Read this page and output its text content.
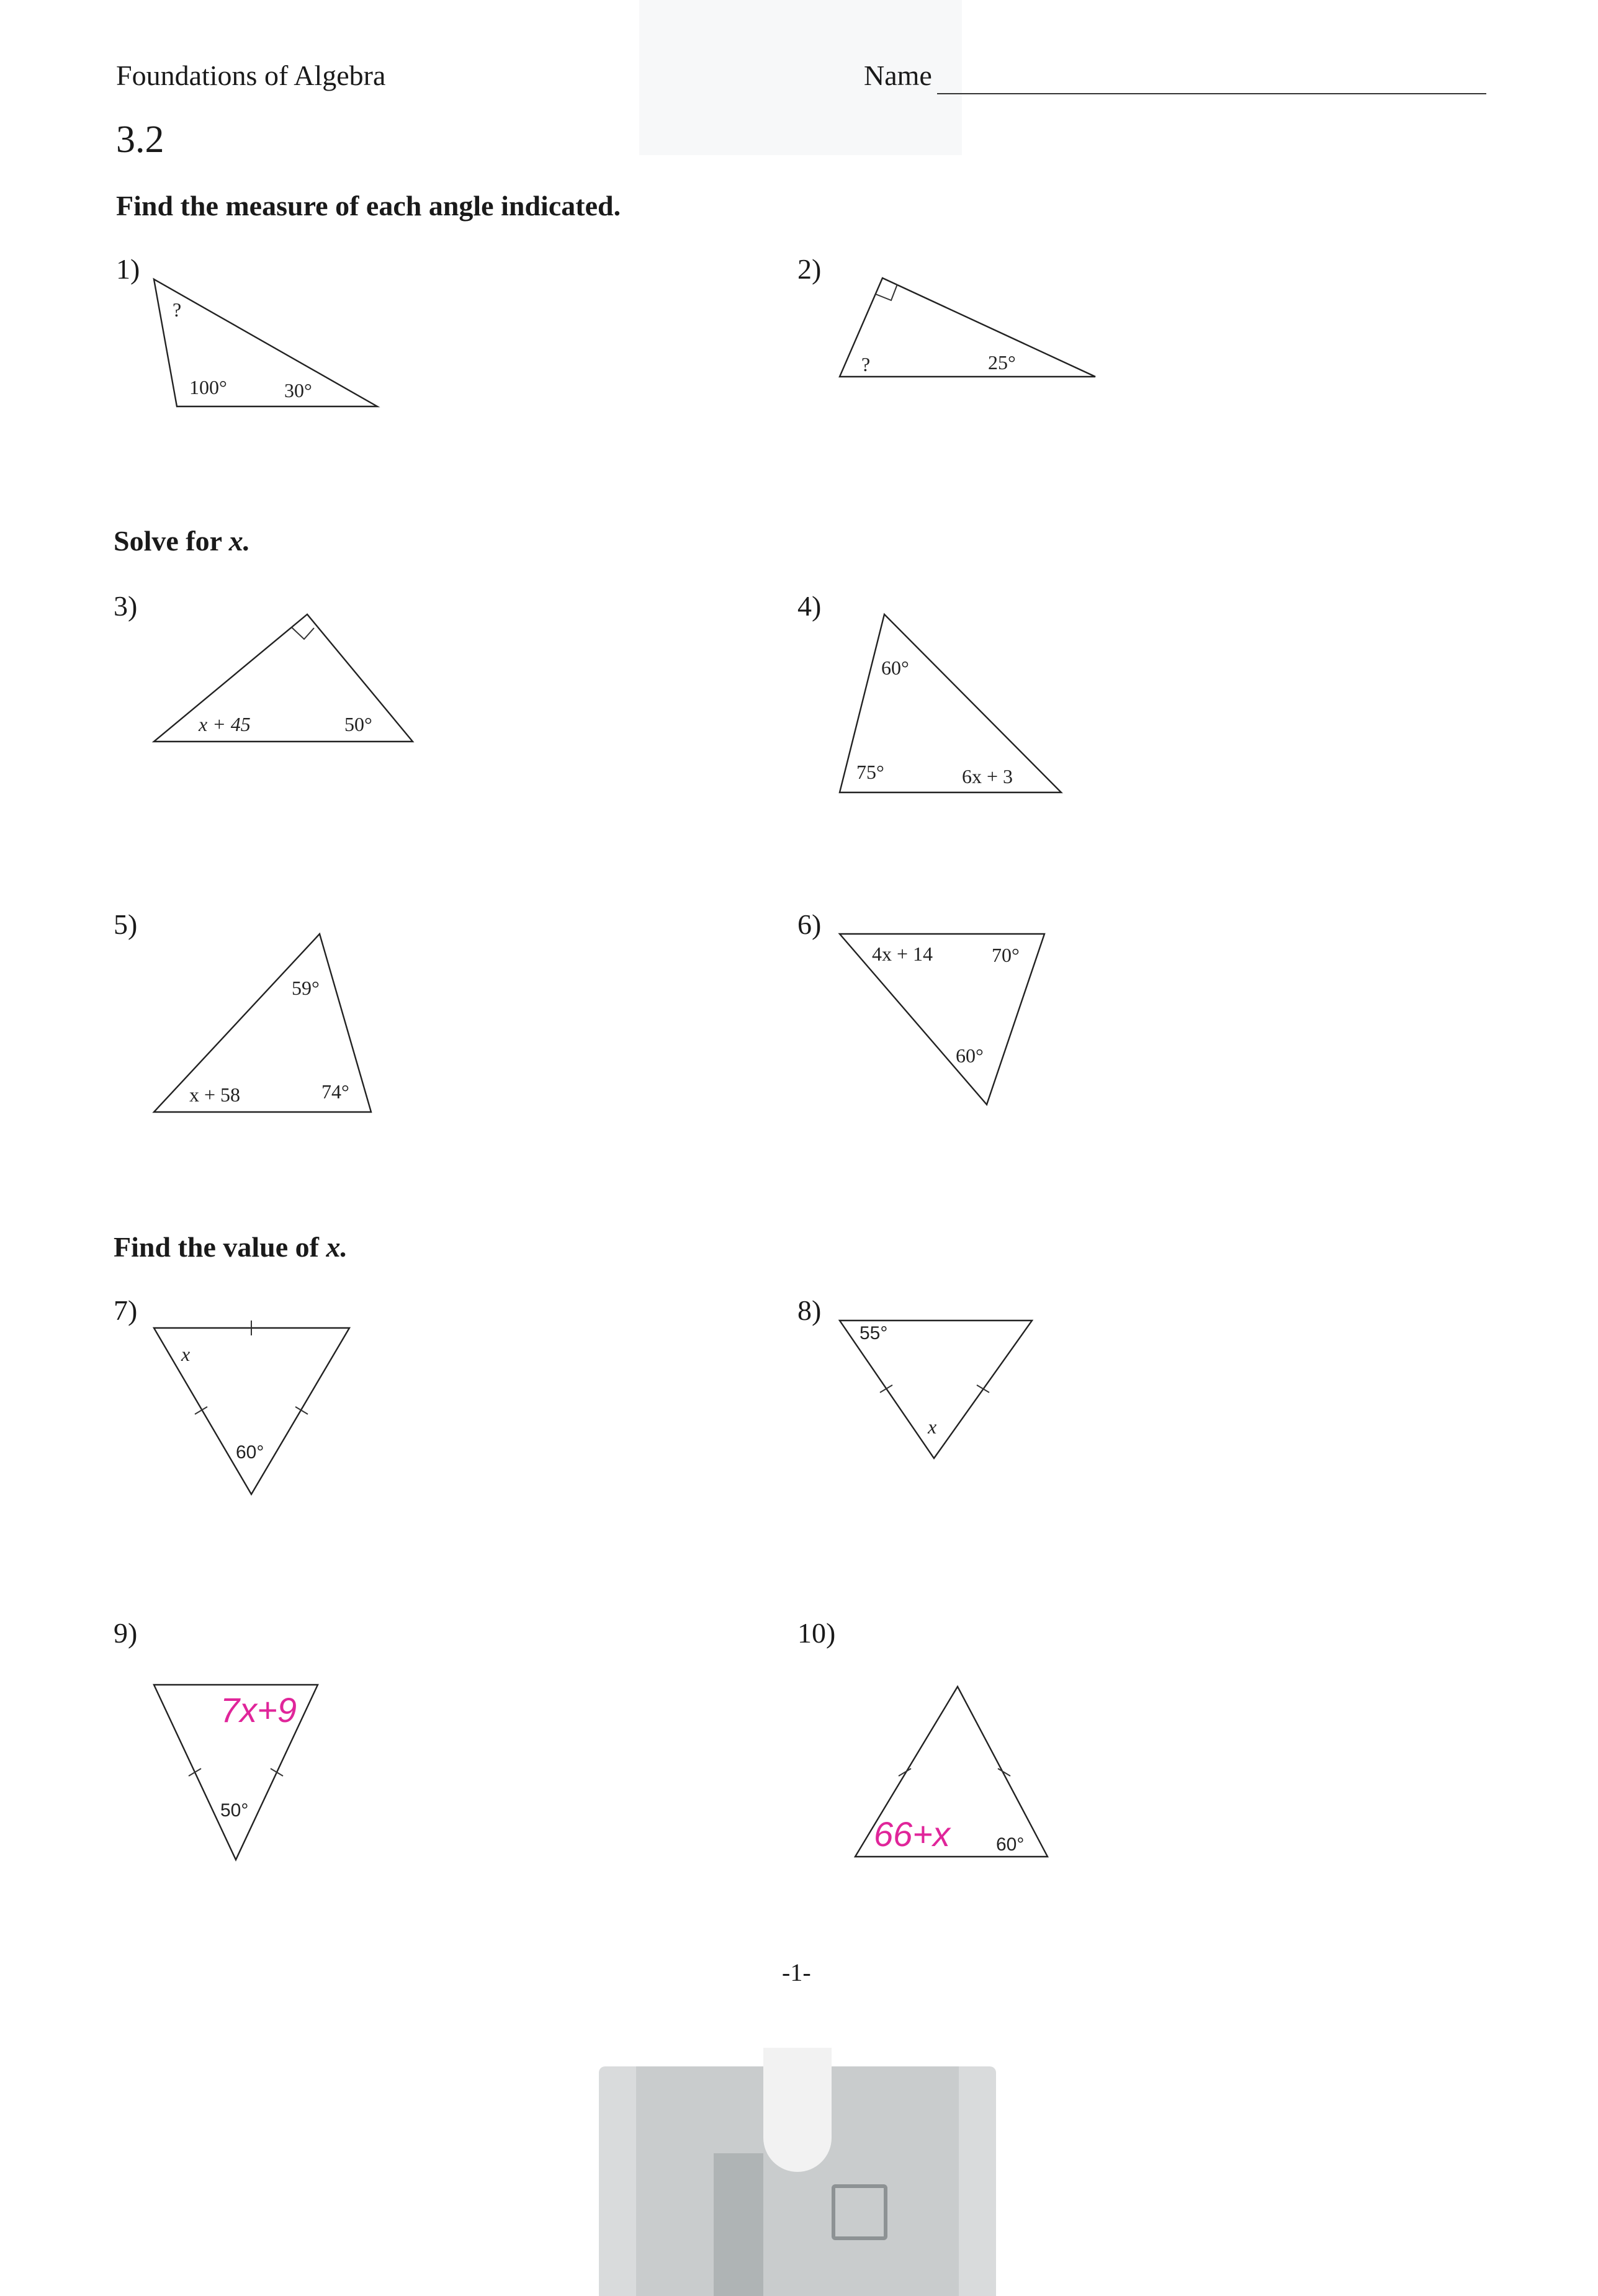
Foundations of Algebra	Name
3.2
Find the measure of each angle indicated.
Solve for x.
Find the value of x.
1)	2)
3)	4)
5)	6)
7)	8)
9)	10)
?
100°	30°
?	25°
x + 45	50°
60°
75°	6x + 3
59°
x + 58	74°
4x + 14	70°
60°
x
60°
55°
x
50°
7x+9
60°
66+x
-1-
